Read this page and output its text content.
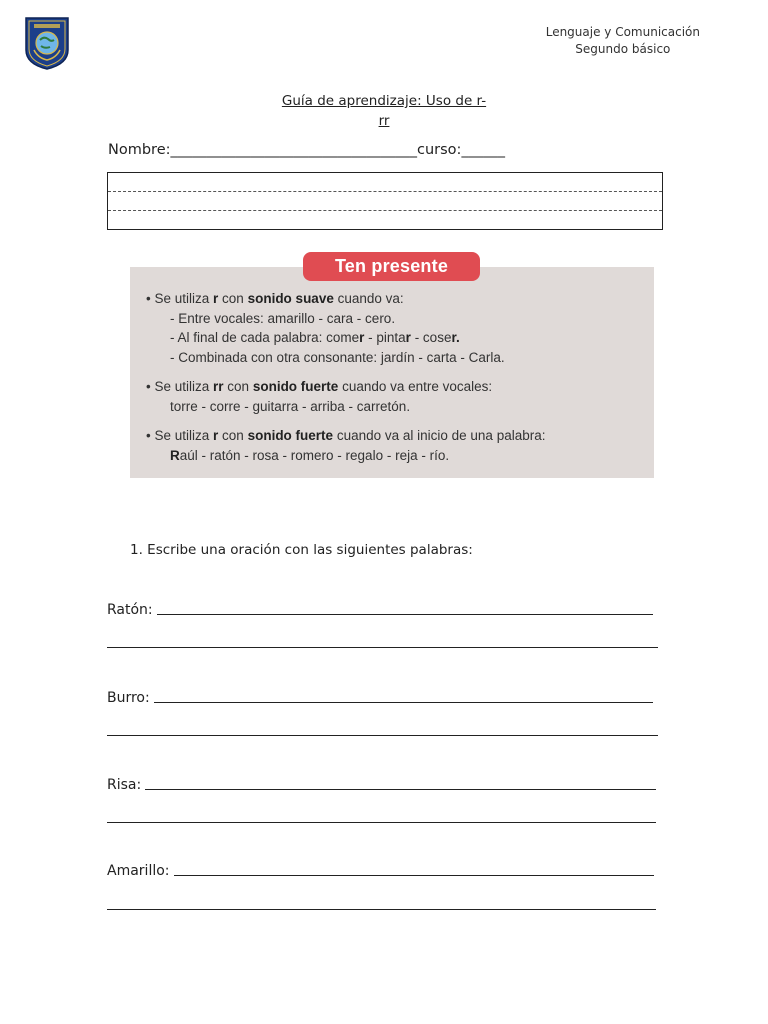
Lenguaje y Comunicación
Segundo básico
Guía de aprendizaje: Uso de r-
rr
Nombre:__________________________________curso:______
Ten presente
• Se utiliza r con sonido suave cuando va:
- Entre vocales: amarillo - cara - cero.
- Al final de cada palabra: comer - pintar - coser.
- Combinada con otra consonante: jardín - carta - Carla.
• Se utiliza rr con sonido fuerte cuando va entre vocales:
torre - corre - guitarra - arriba - carretón.
• Se utiliza r con sonido fuerte cuando va al inicio de una palabra:
Raúl - ratón - rosa - romero - regalo - reja - río.
1. Escribe una oración con las siguientes palabras:
Ratón:
Burro:
Risa:
Amarillo:
